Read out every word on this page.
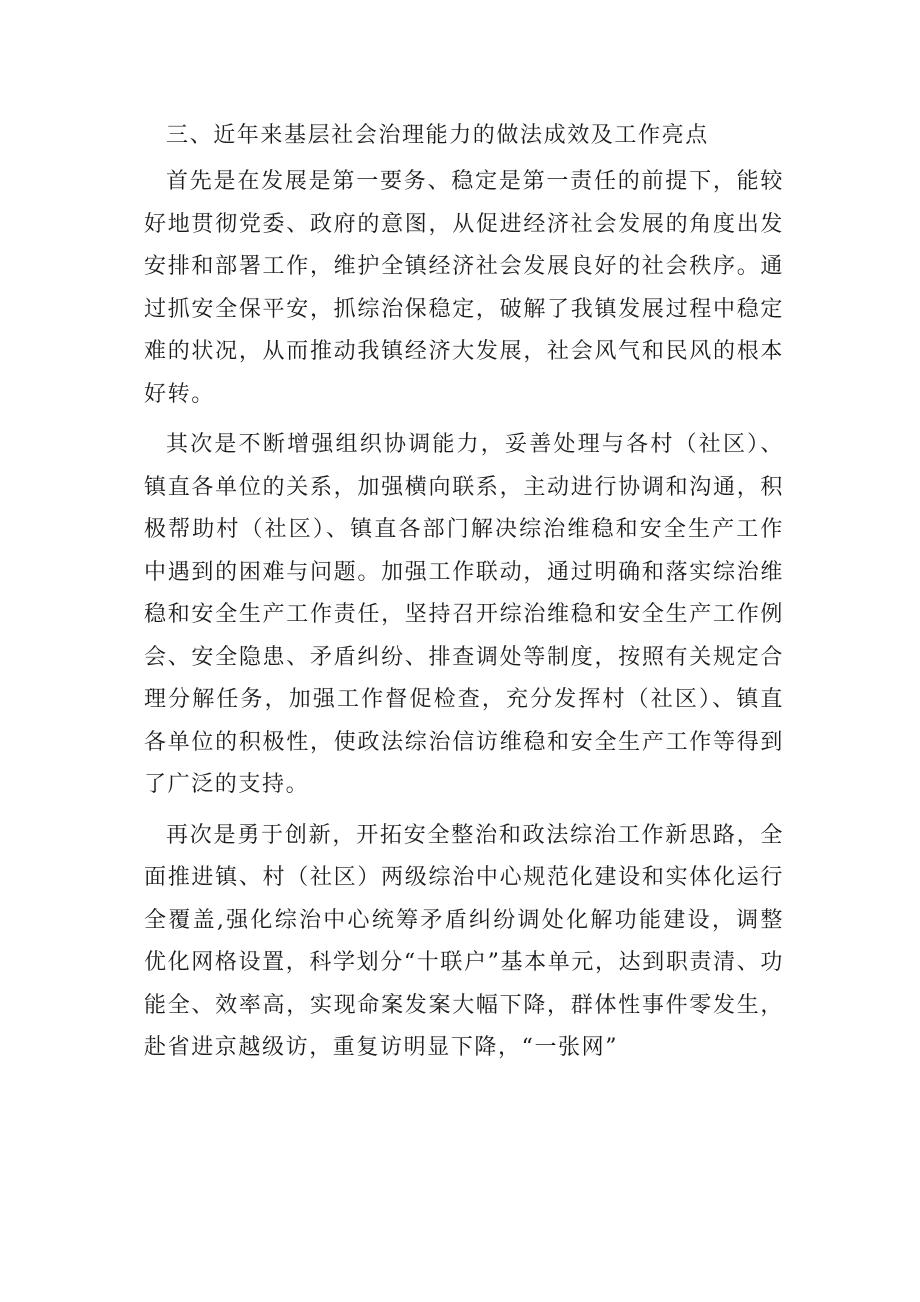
三、近年来基层社会治理能力的做法成效及工作亮点

首先是在发展是第一要务、稳定是第一责任的前提下，能较好地贯彻党委、政府的意图，从促进经济社会发展的角度出发安排和部署工作，维护全镇经济社会发展良好的社会秩序。通过抓安全保平安，抓综治保稳定，破解了我镇发展过程中稳定难的状况，从而推动我镇经济大发展，社会风气和民风的根本好转。

其次是不断增强组织协调能力，妥善处理与各村（社区）、镇直各单位的关系，加强横向联系，主动进行协调和沟通，积极帮助村（社区）、镇直各部门解决综治维稳和安全生产工作中遇到的困难与问题。加强工作联动，通过明确和落实综治维稳和安全生产工作责任，坚持召开综治维稳和安全生产工作例会、安全隐患、矛盾纠纷、排查调处等制度，按照有关规定合理分解任务，加强工作督促检查，充分发挥村（社区）、镇直各单位的积极性，使政法综治信访维稳和安全生产工作等得到了广泛的支持。

再次是勇于创新，开拓安全整治和政法综治工作新思路，全面推进镇、村（社区）两级综治中心规范化建设和实体化运行全覆盖,强化综治中心统筹矛盾纠纷调处化解功能建设，调整优化网格设置，科学划分“十联户”基本单元，达到职责清、功能全、效率高，实现命案发案大幅下降，群体性事件零发生，赴省进京越级访，重复访明显下降，“一张网”
